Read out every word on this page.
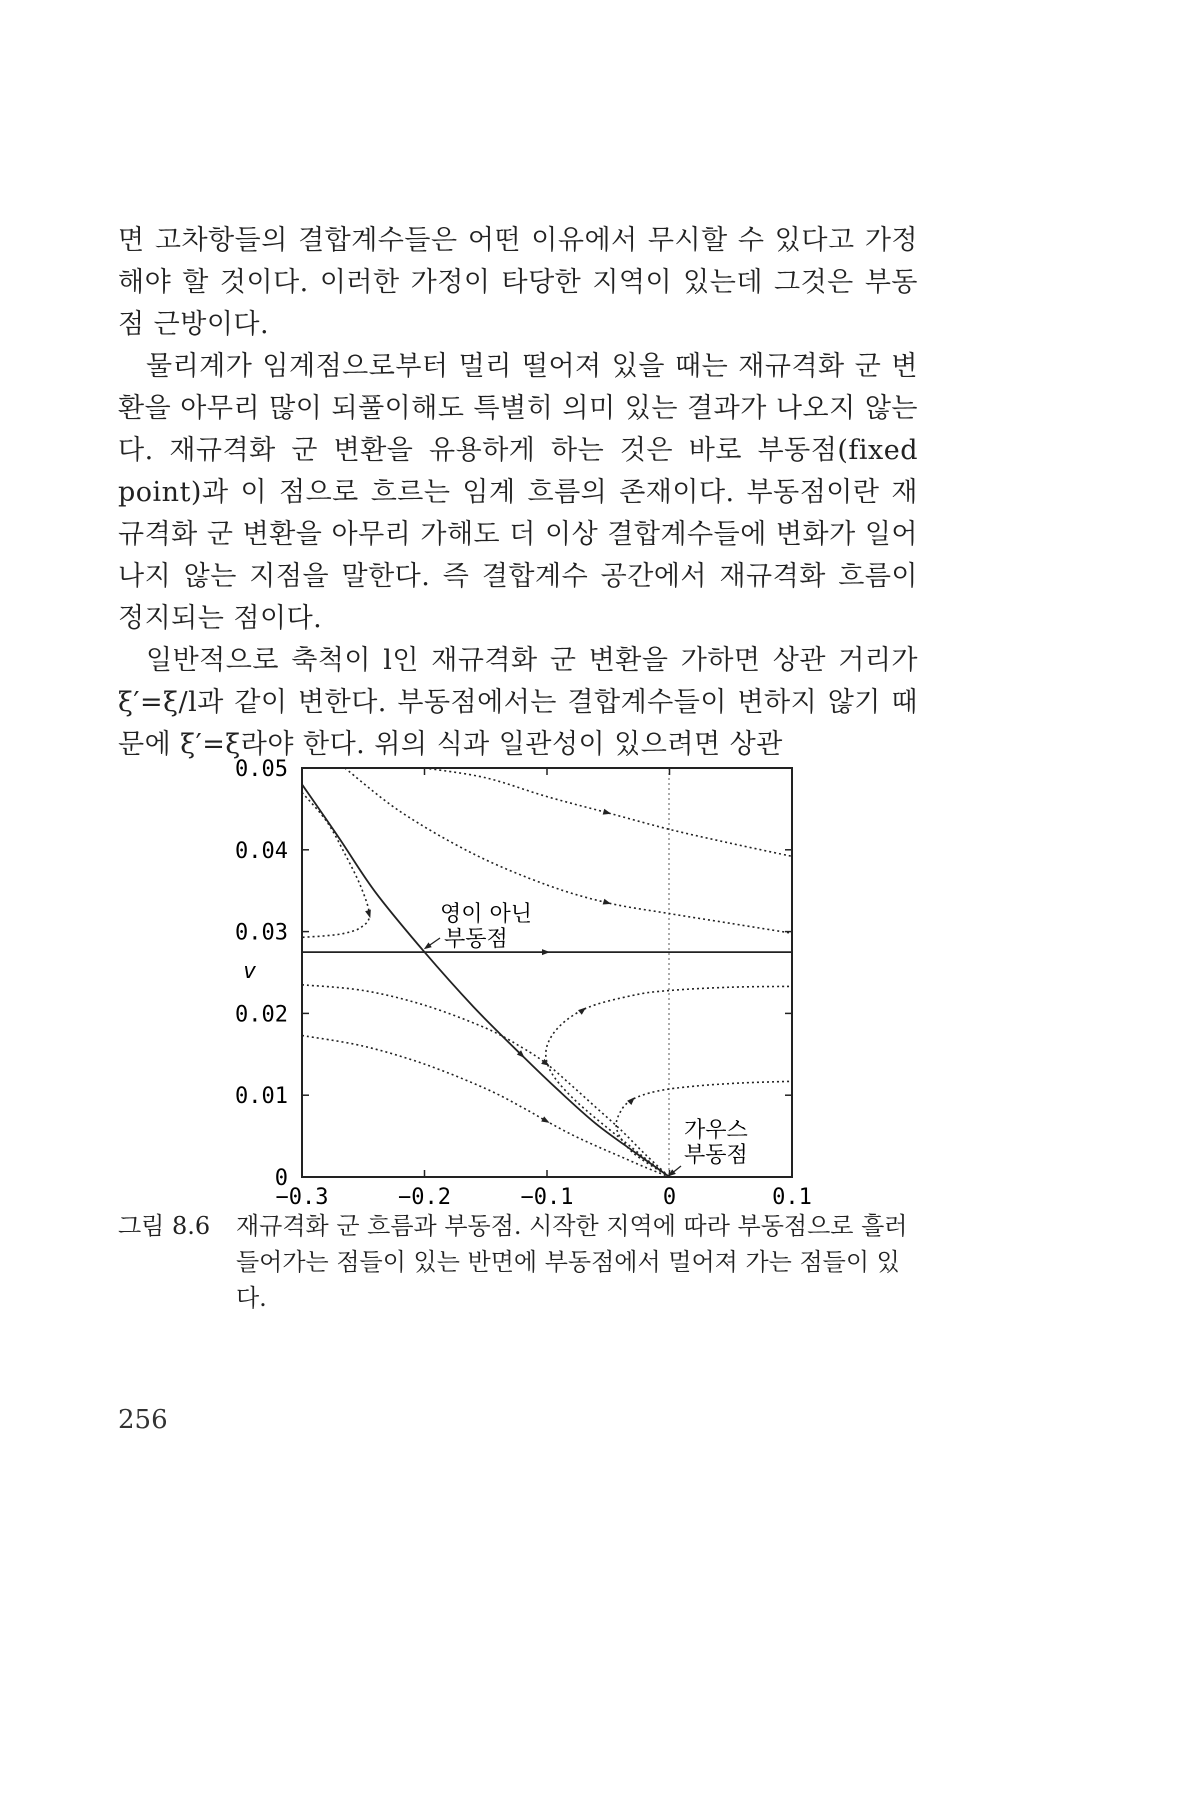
면 고차항들의 결합계수들은 어떤 이유에서 무시할 수 있다고 가정해야 할 것이다. 이러한 가정이 타당한 지역이 있는데 그것은 부동점 근방이다.

물리계가 임계점으로부터 멀리 떨어져 있을 때는 재규격화 군 변환을 아무리 많이 되풀이해도 특별히 의미 있는 결과가 나오지 않는다. 재규격화 군 변환을 유용하게 하는 것은 바로 부동점(fixed point)과 이 점으로 흐르는 임계 흐름의 존재이다. 부동점이란 재규격화 군 변환을 아무리 가해도 더 이상 결합계수들에 변화가 일어나지 않는 지점을 말한다. 즉 결합계수 공간에서 재규격화 흐름이 정지되는 점이다.

일반적으로 축척이 l인 재규격화 군 변환을 가하면 상관 거리가 ξ′=ξ/l과 같이 변한다. 부동점에서는 결합계수들이 변하지 않기 때문에 ξ′=ξ라야 한다. 위의 식과 일관성이 있으려면 상관

−0.3	−0.2	−0.1	0	0.1
0
0.01
0.02
0.03
0.04
0.05
v
영이 아닌
부동점
가우스
부동점
그림 8.6 재규격화 군 흐름과 부동점. 시작한 지역에 따라 부동점으로 흘러들어가는 점들이 있는 반면에 부동점에서 멀어져 가는 점들이 있다.
256
